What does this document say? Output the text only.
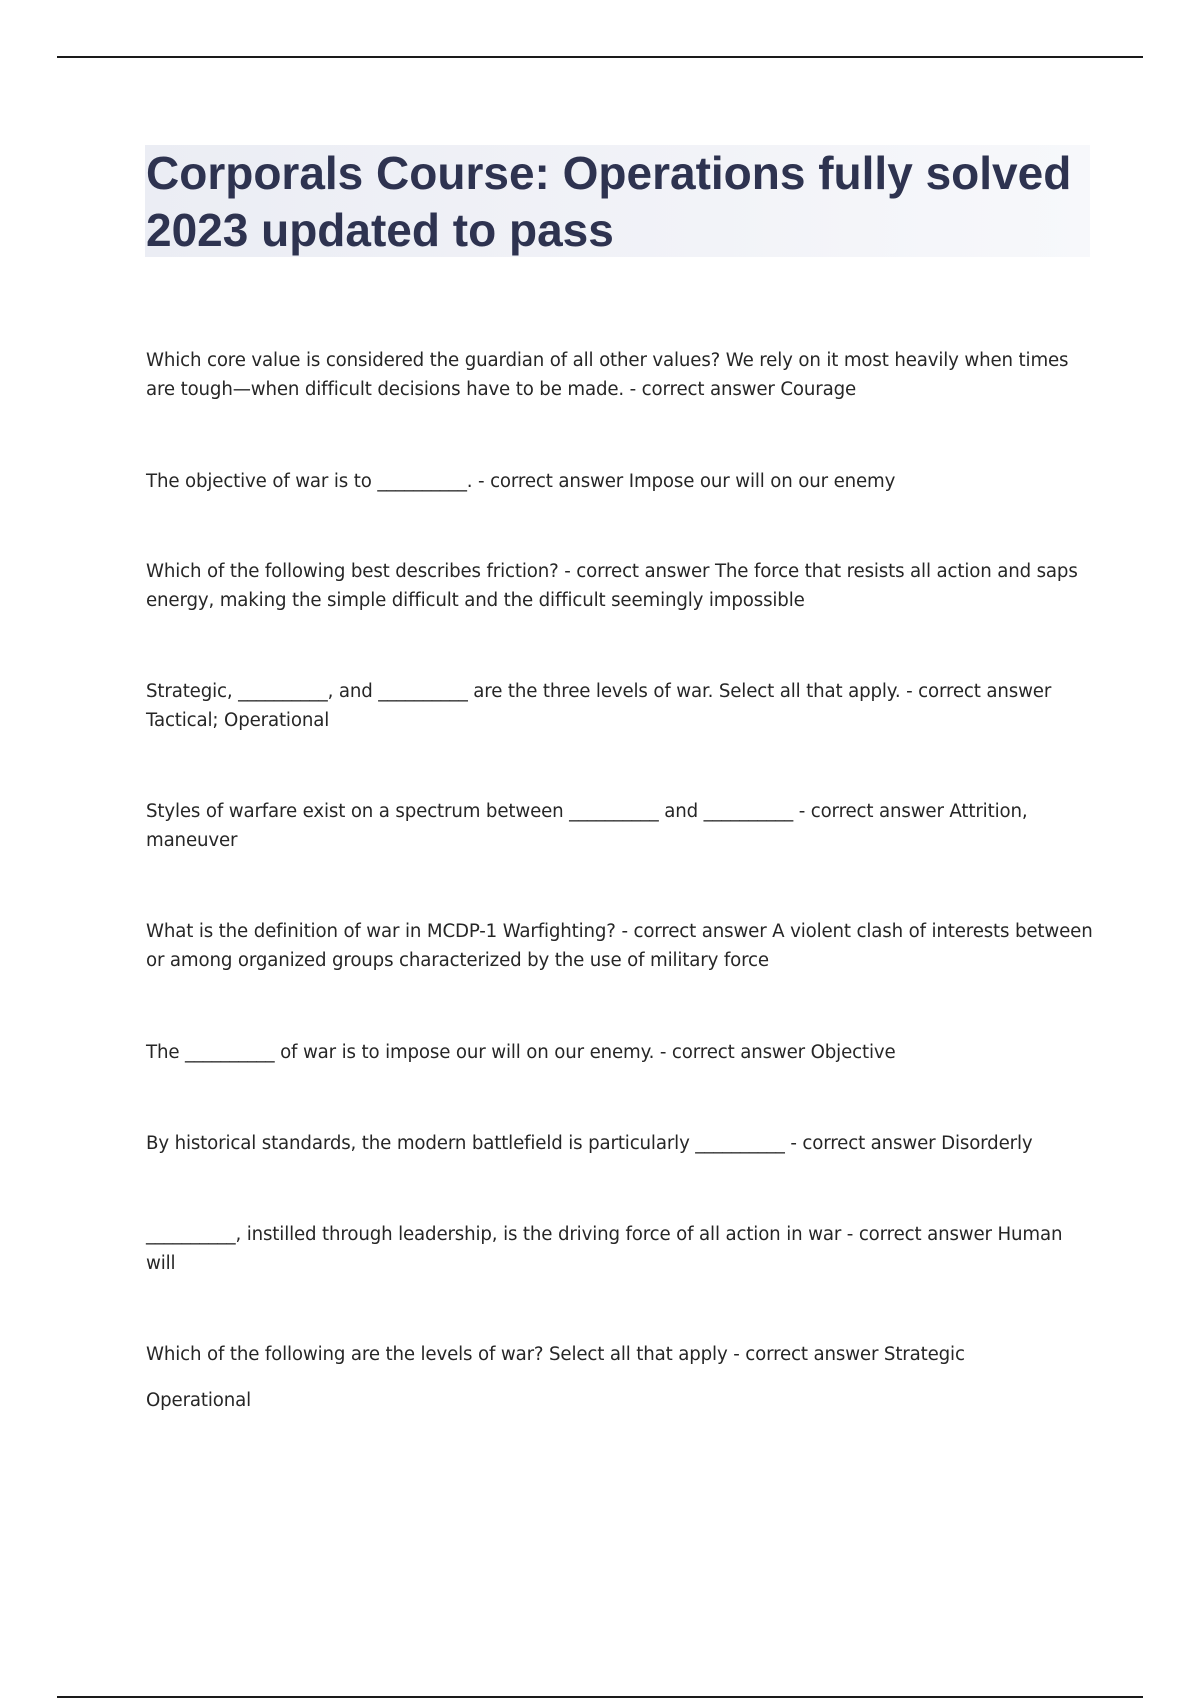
Corporals Course: Operations fully solved 2023 updated to pass

Which core value is considered the guardian of all other values? We rely on it most heavily when times are tough—when difficult decisions have to be made. - correct answer Courage

The objective of war is to __________. - correct answer Impose our will on our enemy

Which of the following best describes friction? - correct answer The force that resists all action and saps energy, making the simple difficult and the difficult seemingly impossible

Strategic, __________, and __________ are the three levels of war. Select all that apply. - correct answer Tactical; Operational

Styles of warfare exist on a spectrum between __________ and __________ - correct answer Attrition, maneuver

What is the definition of war in MCDP-1 Warfighting? - correct answer A violent clash of interests between or among organized groups characterized by the use of military force

The __________ of war is to impose our will on our enemy. - correct answer Objective

By historical standards, the modern battlefield is particularly __________ - correct answer Disorderly

__________, instilled through leadership, is the driving force of all action in war - correct answer Human will

Which of the following are the levels of war? Select all that apply - correct answer Strategic

Operational
